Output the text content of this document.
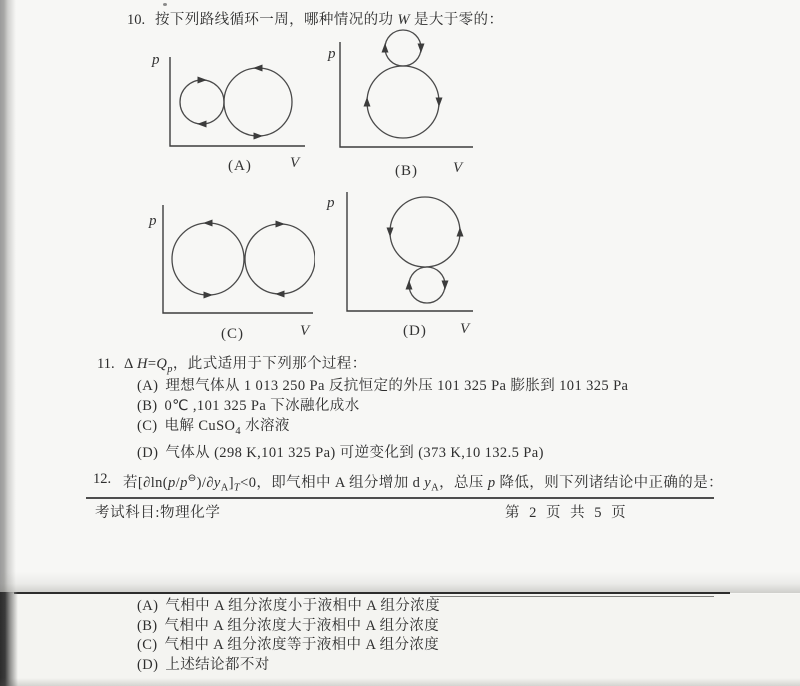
10. 按下列路线循环一周，哪种情况的功 W 是大于零的：
p
V
(A)
p
V
(B)
p
V
(C)
p
V
(D)
11. Δ $H=Q_p$，此式适用于下列那个过程：
(A) 理想气体从 1 013 250 Pa 反抗恒定的外压 101 325 Pa 膨胀到 101 325 Pa
(B) 0℃ ,101 325 Pa 下冰融化成水
(C) 电解 CuSO$_4$ 水溶液
(D) 气体从 (298 K,101 325 Pa) 可逆变化到 (373 K,10 132.5 Pa)
12. 若$[\partial\ln(p/p^⊖)/\partial y_A]_T<0$，即气相中 A 组分增加 d $y_A$，总压 p 降低，则下列诸结论中正确的是：
考试科目:物理化学	第 2 页 共 5 页
(A) 气相中 A 组分浓度小于液相中 A 组分浓度
(B) 气相中 A 组分浓度大于液相中 A 组分浓度
(C) 气相中 A 组分浓度等于液相中 A 组分浓度
(D) 上述结论都不对
